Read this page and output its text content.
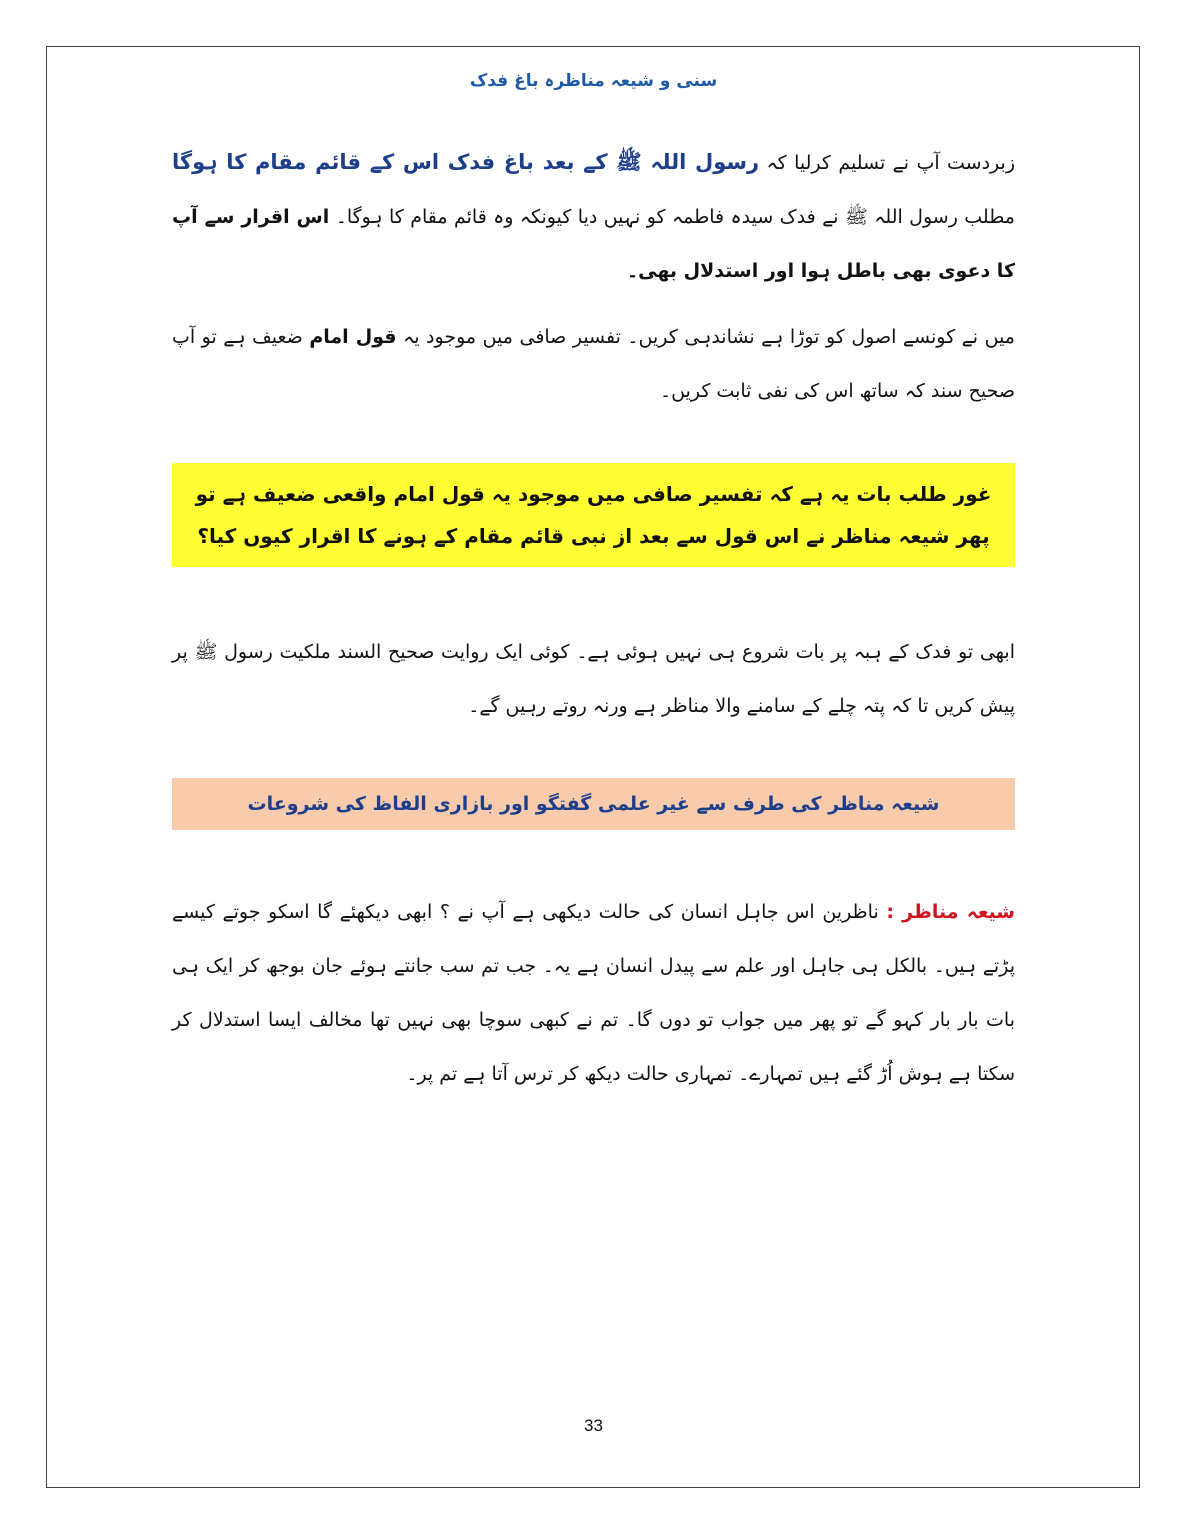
سنی و شیعہ مناظرہ باغ فدک

زبردست آپ نے تسلیم کرلیا کہ رسول اللہ ﷺ کے بعد باغ فدک اس کے قائم مقام کا ہوگا مطلب رسول اللہ ﷺ نے فدک سیدہ فاطمہ کو نہیں دیا کیونکہ وہ قائم مقام کا ہوگا۔ اس اقرار سے آپ کا دعوی بھی باطل ہوا اور استدلال بھی۔

میں نے کونسے اصول کو توڑا ہے نشاندہی کریں۔ تفسیر صافی میں موجود یہ قول امام ضعیف ہے تو آپ صحیح سند کہ ساتھ اس کی نفی ثابت کریں۔

غور طلب بات یہ ہے کہ تفسیر صافی میں موجود یہ قول امام واقعی ضعیف ہے تو پھر شیعہ مناظر نے اس قول سے بعد از نبی قائم مقام کے ہونے کا اقرار کیوں کیا؟

ابھی تو فدک کے ہبہ پر بات شروع ہی نہیں ہوئی ہے۔ کوئی ایک روایت صحیح السند ملکیت رسول ﷺ پر پیش کریں تا کہ پتہ چلے کے سامنے والا مناظر ہے ورنہ روتے رہیں گے۔

شیعہ مناظر کی طرف سے غیر علمی گفتگو اور بازاری الفاظ کی شروعات

شیعہ مناظر : ناظرین اس جاہل انسان کی حالت دیکھی ہے آپ نے ؟ ابھی دیکھئے گا اسکو جوتے کیسے پڑتے ہیں۔ بالکل ہی جاہل اور علم سے پیدل انسان ہے یہ۔ جب تم سب جانتے ہوئے جان بوجھ کر ایک ہی بات بار بار کہو گے تو پھر میں جواب تو دوں گا۔ تم نے کبھی سوچا بھی نہیں تھا مخالف ایسا استدلال کر سکتا ہے ہوش اُڑ گئے ہیں تمہارے۔ تمہاری حالت دیکھ کر ترس آتا ہے تم پر۔

33
